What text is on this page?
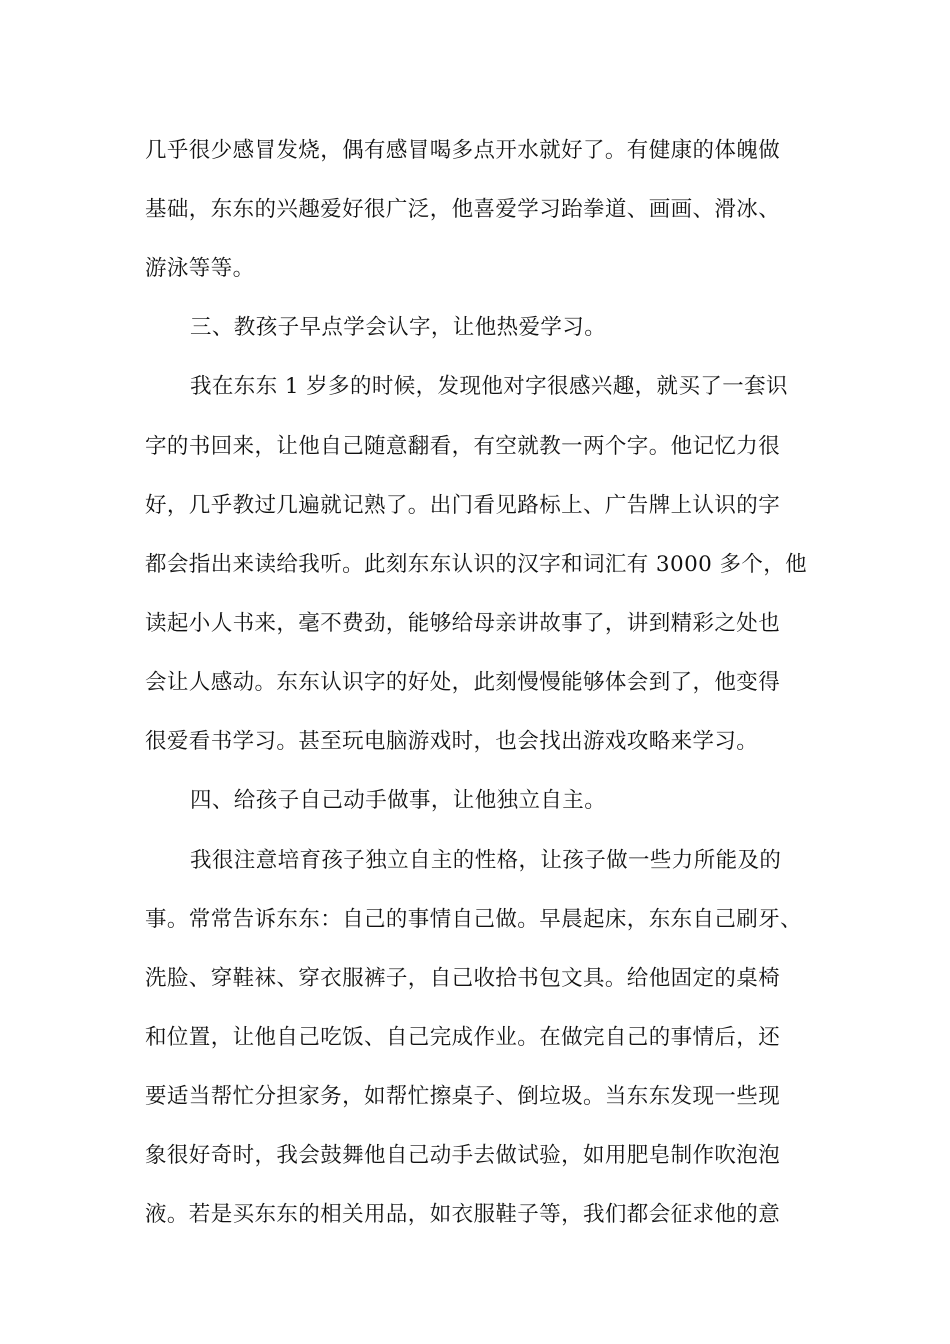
几乎很少感冒发烧，偶有感冒喝多点开水就好了。有健康的体魄做
基础，东东的兴趣爱好很广泛，他喜爱学习跆拳道、画画、滑冰、
游泳等等。
三、教孩子早点学会认字，让他热爱学习。
我在东东 1 岁多的时候，发现他对字很感兴趣，就买了一套识
字的书回来，让他自己随意翻看，有空就教一两个字。他记忆力很
好，几乎教过几遍就记熟了。出门看见路标上、广告牌上认识的字
都会指出来读给我听。此刻东东认识的汉字和词汇有 3000 多个，他
读起小人书来，毫不费劲，能够给母亲讲故事了，讲到精彩之处也
会让人感动。东东认识字的好处，此刻慢慢能够体会到了，他变得
很爱看书学习。甚至玩电脑游戏时，也会找出游戏攻略来学习。
四、给孩子自己动手做事，让他独立自主。
我很注意培育孩子独立自主的性格，让孩子做一些力所能及的
事。常常告诉东东：自己的事情自己做。早晨起床，东东自己刷牙、
洗脸、穿鞋袜、穿衣服裤子，自己收拾书包文具。给他固定的桌椅
和位置，让他自己吃饭、自己完成作业。在做完自己的事情后，还
要适当帮忙分担家务，如帮忙擦桌子、倒垃圾。当东东发现一些现
象很好奇时，我会鼓舞他自己动手去做试验，如用肥皂制作吹泡泡
液。若是买东东的相关用品，如衣服鞋子等，我们都会征求他的意
